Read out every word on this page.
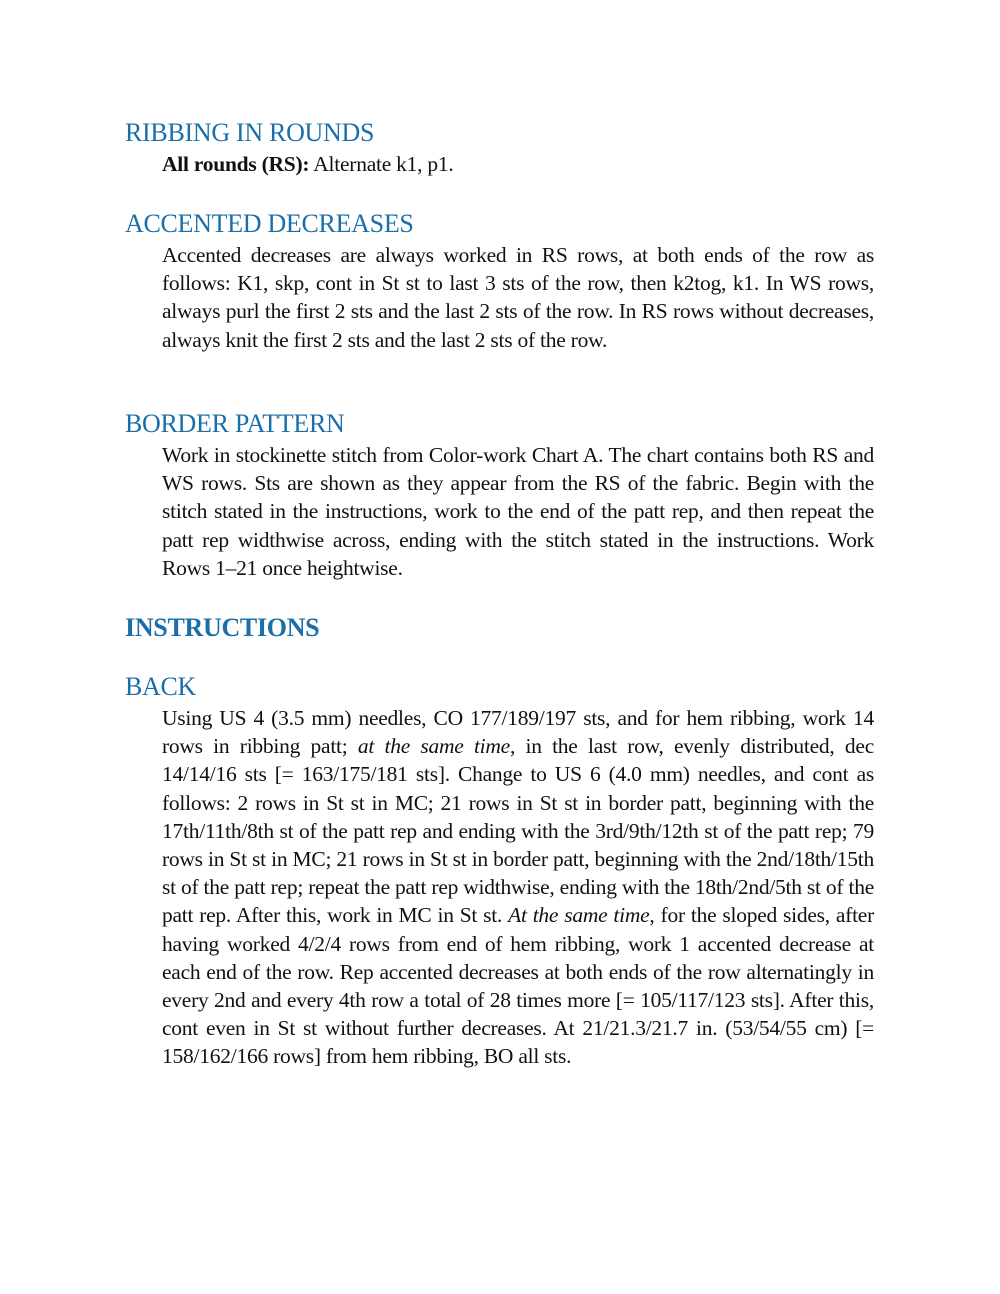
RIBBING IN ROUNDS

All rounds (RS): Alternate k1, p1.

ACCENTED DECREASES

Accented decreases are always worked in RS rows, at both ends of the row as follows: K1, skp, cont in St st to last 3 sts of the row, then k2tog, k1. In WS rows, always purl the first 2 sts and the last 2 sts of the row. In RS rows without decreases, always knit the first 2 sts and the last 2 sts of the row.

BORDER PATTERN

Work in stockinette stitch from Color-work Chart A. The chart contains both RS and WS rows. Sts are shown as they appear from the RS of the fabric. Begin with the stitch stated in the instructions, work to the end of the patt rep, and then repeat the patt rep widthwise across, ending with the stitch stated in the instructions. Work Rows 1–21 once heightwise.

INSTRUCTIONS
BACK

Using US 4 (3.5 mm) needles, CO 177/189/197 sts, and for hem ribbing, work 14 rows in ribbing patt; at the same time, in the last row, evenly distributed, dec 14/14/16 sts [= 163/175/181 sts]. Change to US 6 (4.0 mm) needles, and cont as follows: 2 rows in St st in MC; 21 rows in St st in border patt, beginning with the 17th/11th/8th st of the patt rep and ending with the 3rd/9th/12th st of the patt rep; 79 rows in St st in MC; 21 rows in St st in border patt, beginning with the 2nd/18th/15th st of the patt rep; repeat the patt rep widthwise, ending with the 18th/2nd/5th st of the patt rep. After this, work in MC in St st. At the same time, for the sloped sides, after having worked 4/2/4 rows from end of hem ribbing, work 1 accented decrease at each end of the row. Rep accented decreases at both ends of the row alternatingly in every 2nd and every 4th row a total of 28 times more [= 105/117/123 sts]. After this, cont even in St st without further decreases. At 21/21.3/21.7 in. (53/54/55 cm) [= 158/162/166 rows] from hem ribbing, BO all sts.
